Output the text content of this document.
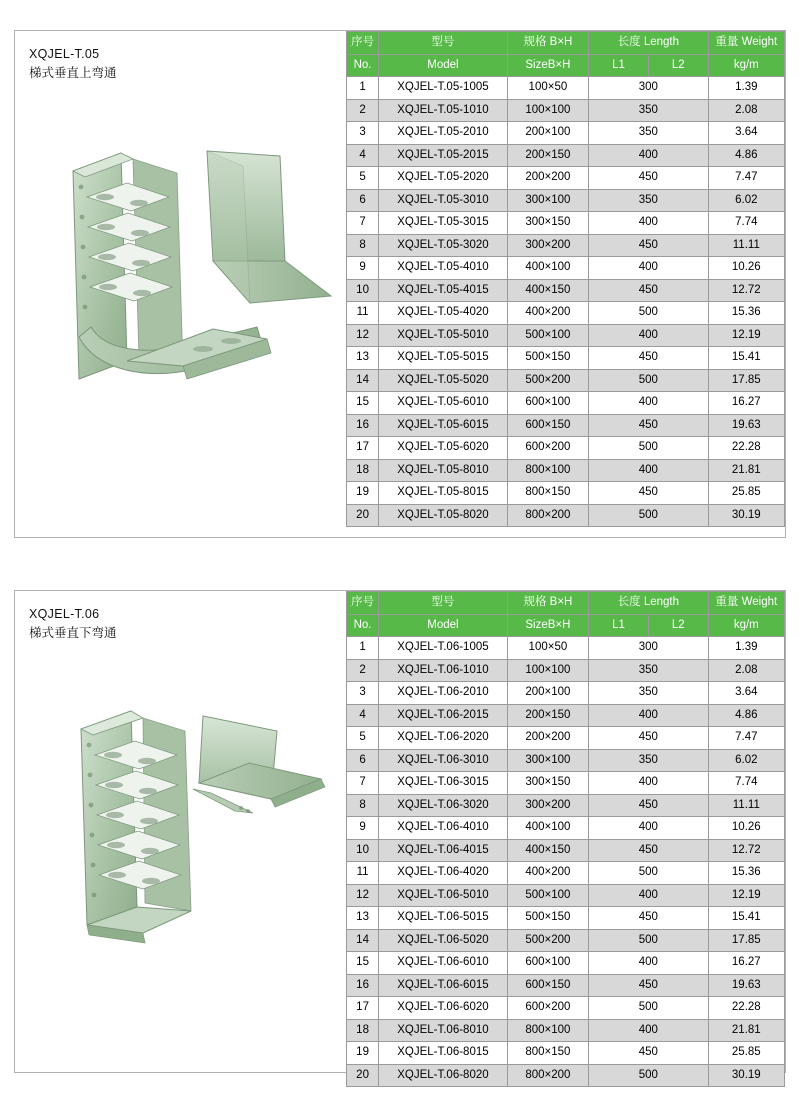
XQJEL-T.05
梯式垂直上弯通
序号	型号	规格 B×H	长度 Length		重量 Weight
No.	Model	SizeB×H	L1	L2	kg/m
1	XQJEL-T.05-1005	100×50	300		1.39
2	XQJEL-T.05-1010	100×100	350		2.08
3	XQJEL-T.05-2010	200×100	350		3.64
4	XQJEL-T.05-2015	200×150	400		4.86
5	XQJEL-T.05-2020	200×200	450		7.47
6	XQJEL-T.05-3010	300×100	350		6.02
7	XQJEL-T.05-3015	300×150	400		7.74
8	XQJEL-T.05-3020	300×200	450		11.11
9	XQJEL-T.05-4010	400×100	400		10.26
10	XQJEL-T.05-4015	400×150	450		12.72
11	XQJEL-T.05-4020	400×200	500		15.36
12	XQJEL-T.05-5010	500×100	400		12.19
13	XQJEL-T.05-5015	500×150	450		15.41
14	XQJEL-T.05-5020	500×200	500		17.85
15	XQJEL-T.05-6010	600×100	400		16.27
16	XQJEL-T.05-6015	600×150	450		19.63
17	XQJEL-T.05-6020	600×200	500		22.28
18	XQJEL-T.05-8010	800×100	400		21.81
19	XQJEL-T.05-8015	800×150	450		25.85
20	XQJEL-T.05-8020	800×200	500		30.19
XQJEL-T.06
梯式垂直下弯通
序号	型号	规格 B×H	长度 Length		重量 Weight
No.	Model	SizeB×H	L1	L2	kg/m
1	XQJEL-T.06-1005	100×50	300		1.39
2	XQJEL-T.06-1010	100×100	350		2.08
3	XQJEL-T.06-2010	200×100	350		3.64
4	XQJEL-T.06-2015	200×150	400		4.86
5	XQJEL-T.06-2020	200×200	450		7.47
6	XQJEL-T.06-3010	300×100	350		6.02
7	XQJEL-T.06-3015	300×150	400		7.74
8	XQJEL-T.06-3020	300×200	450		11.11
9	XQJEL-T.06-4010	400×100	400		10.26
10	XQJEL-T.06-4015	400×150	450		12.72
11	XQJEL-T.06-4020	400×200	500		15.36
12	XQJEL-T.06-5010	500×100	400		12.19
13	XQJEL-T.06-5015	500×150	450		15.41
14	XQJEL-T.06-5020	500×200	500		17.85
15	XQJEL-T.06-6010	600×100	400		16.27
16	XQJEL-T.06-6015	600×150	450		19.63
17	XQJEL-T.06-6020	600×200	500		22.28
18	XQJEL-T.06-8010	800×100	400		21.81
19	XQJEL-T.06-8015	800×150	450		25.85
20	XQJEL-T.06-8020	800×200	500		30.19
